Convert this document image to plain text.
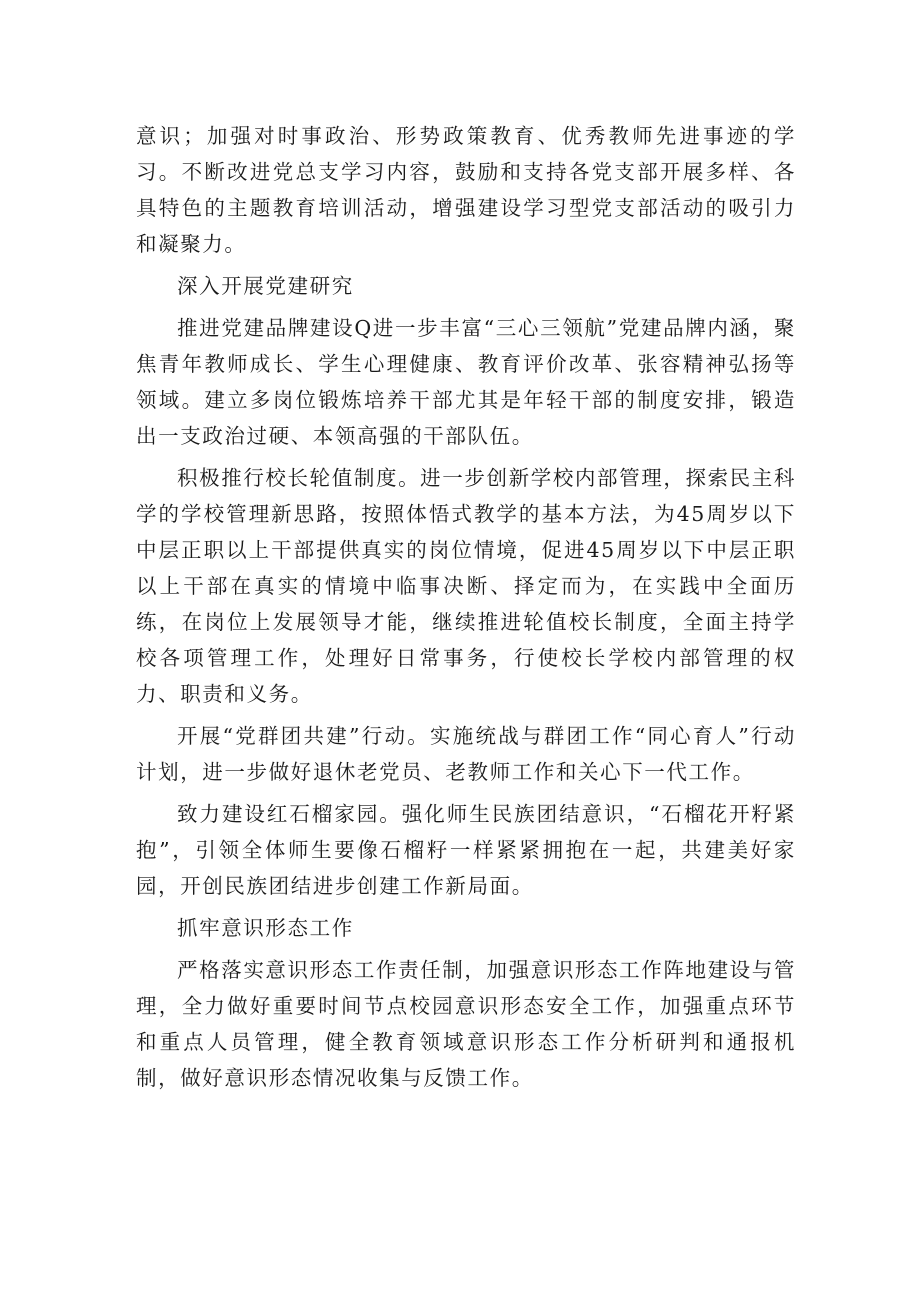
意识；加强对时事政治、形势政策教育、优秀教师先进事迹的学习。不断改进党总支学习内容，鼓励和支持各党支部开展多样、各具特色的主题教育培训活动，增强建设学习型党支部活动的吸引力和凝聚力。

深入开展党建研究

推进党建品牌建设Q进一步丰富“三心三领航”党建品牌内涵，聚焦青年教师成长、学生心理健康、教育评价改革、张容精神弘扬等领域。建立多岗位锻炼培养干部尤其是年轻干部的制度安排，锻造出一支政治过硬、本领高强的干部队伍。

积极推行校长轮值制度。进一步创新学校内部管理，探索民主科学的学校管理新思路，按照体悟式教学的基本方法，为45周岁以下中层正职以上干部提供真实的岗位情境，促进45周岁以下中层正职以上干部在真实的情境中临事决断、择定而为，在实践中全面历练，在岗位上发展领导才能，继续推进轮值校长制度，全面主持学校各项管理工作，处理好日常事务，行使校长学校内部管理的权力、职责和义务。

开展“党群团共建”行动。实施统战与群团工作“同心育人”行动计划，进一步做好退休老党员、老教师工作和关心下一代工作。

致力建设红石榴家园。强化师生民族团结意识，“石榴花开籽紧抱”，引领全体师生要像石榴籽一样紧紧拥抱在一起，共建美好家园，开创民族团结进步创建工作新局面。

抓牢意识形态工作

严格落实意识形态工作责任制，加强意识形态工作阵地建设与管理，全力做好重要时间节点校园意识形态安全工作，加强重点环节和重点人员管理，健全教育领域意识形态工作分析研判和通报机制，做好意识形态情况收集与反馈工作。
